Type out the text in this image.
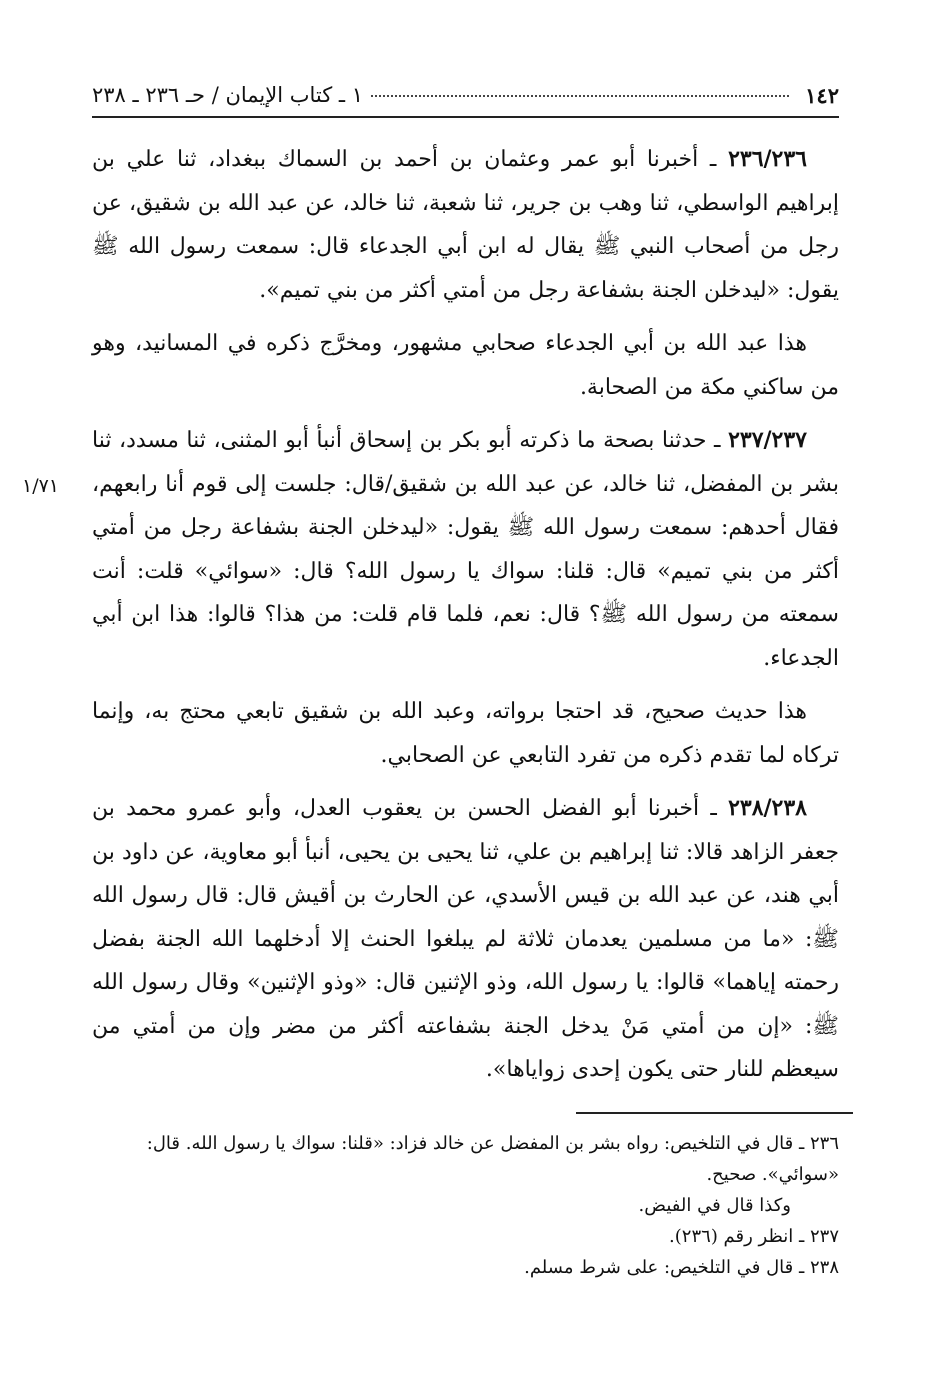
١٤٢
١ ـ كتاب الإيمان / حـ ٢٣٦ ـ ٢٣٨
١/٧١

٢٣٦/٢٣٦ ـ أخبرنا أبو عمر وعثمان بن أحمد بن السماك ببغداد، ثنا علي بن إبراهيم الواسطي، ثنا وهب بن جرير، ثنا شعبة، ثنا خالد، عن عبد الله بن شقيق، عن رجل من أصحاب النبي ﷺ يقال له ابن أبي الجدعاء قال: سمعت رسول الله ﷺ يقول: «ليدخلن الجنة بشفاعة رجل من أمتي أكثر من بني تميم».

هذا عبد الله بن أبي الجدعاء صحابي مشهور، ومخرَّج ذكره في المسانيد، وهو من ساكني مكة من الصحابة.

٢٣٧/٢٣٧ ـ حدثنا بصحة ما ذكرته أبو بكر بن إسحاق أنبأ أبو المثنى، ثنا مسدد، ثنا بشر بن المفضل، ثنا خالد، عن عبد الله بن شقيق/قال: جلست إلى قوم أنا رابعهم، فقال أحدهم: سمعت رسول الله ﷺ يقول: «ليدخلن الجنة بشفاعة رجل من أمتي أكثر من بني تميم» قال: قلنا: سواك يا رسول الله؟ قال: «سوائي» قلت: أنت سمعته من رسول الله ﷺ؟ قال: نعم، فلما قام قلت: من هذا؟ قالوا: هذا ابن أبي الجدعاء.

هذا حديث صحيح، قد احتجا برواته، وعبد الله بن شقيق تابعي محتج به، وإنما تركاه لما تقدم ذكره من تفرد التابعي عن الصحابي.

٢٣٨/٢٣٨ ـ أخبرنا أبو الفضل الحسن بن يعقوب العدل، وأبو عمرو محمد بن جعفر الزاهد قالا: ثنا إبراهيم بن علي، ثنا يحيى بن يحيى، أنبأ أبو معاوية، عن داود بن أبي هند، عن عبد الله بن قيس الأسدي، عن الحارث بن أقيش قال: قال رسول الله ﷺ: «ما من مسلمين يعدمان ثلاثة لم يبلغوا الحنث إلا أدخلهما الله الجنة بفضل رحمته إياهما» قالوا: يا رسول الله، وذو الإثنين قال: «وذو الإثنين» وقال رسول الله ﷺ: «إن من أمتي مَنْ يدخل الجنة بشفاعته أكثر من مضر وإن من أمتي من سيعظم للنار حتى يكون إحدى زواياها».

٢٣٦ ـ قال في التلخيص: رواه بشر بن المفضل عن خالد فزاد: «قلنا: سواك يا رسول الله. قال: «سوائي». صحيح.

وكذا قال في الفيض.

٢٣٧ ـ انظر رقم (٢٣٦).

٢٣٨ ـ قال في التلخيص: على شرط مسلم.
